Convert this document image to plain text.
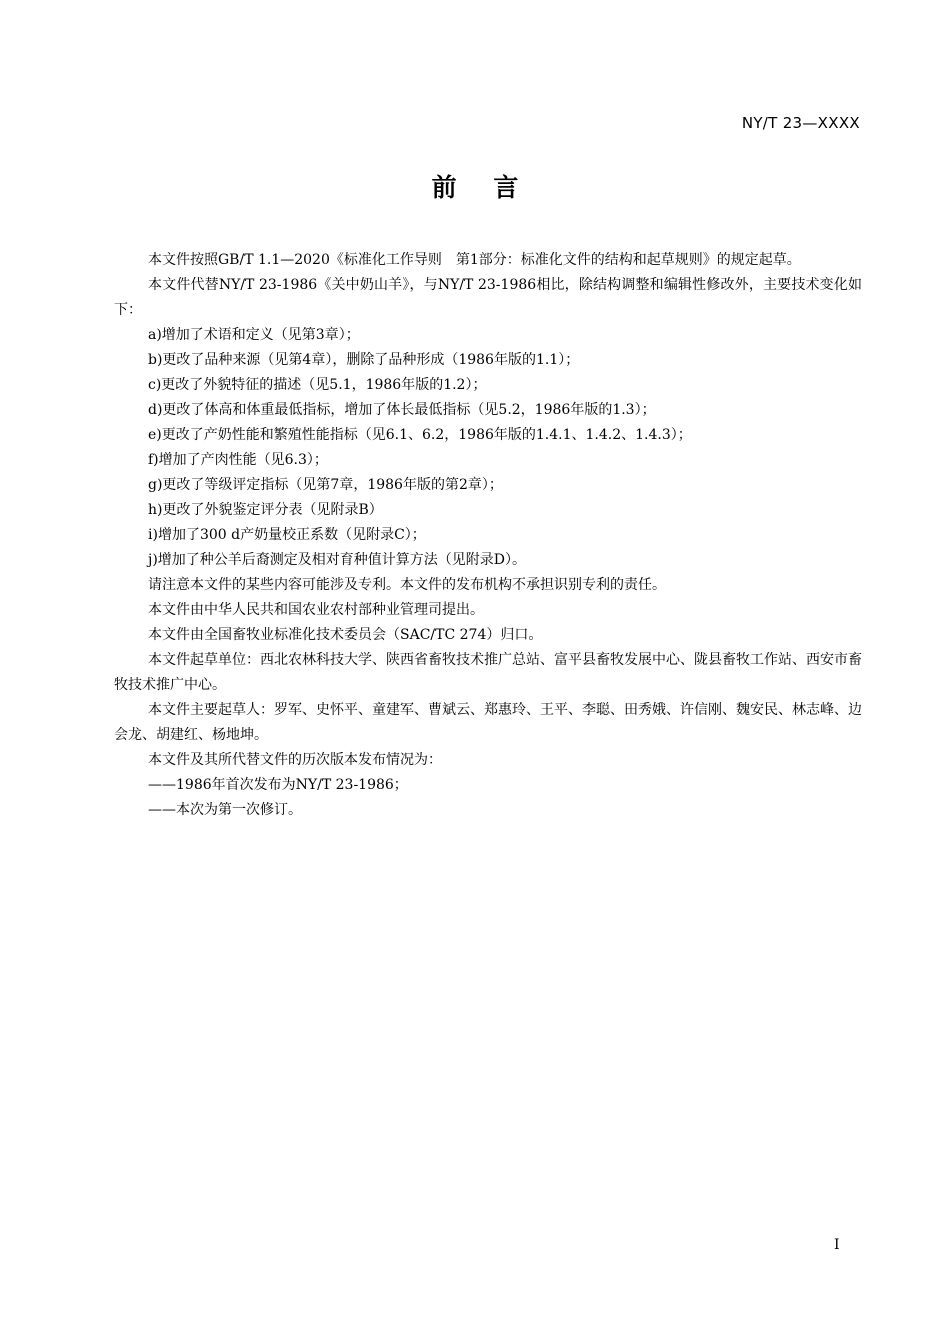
NY/T 23—XXXX
前 言

本文件按照GB/T 1.1—2020《标准化工作导则　第1部分：标准化文件的结构和起草规则》的规定起草。

本文件代替NY/T 23-1986《关中奶山羊》，与NY/T 23-1986相比，除结构调整和编辑性修改外，主要技术变化如下：

a)增加了术语和定义（见第3章）；

b)更改了品种来源（见第4章），删除了品种形成（1986年版的1.1）；

c)更改了外貌特征的描述（见5.1，1986年版的1.2）；

d)更改了体高和体重最低指标，增加了体长最低指标（见5.2，1986年版的1.3）；

e)更改了产奶性能和繁殖性能指标（见6.1、6.2，1986年版的1.4.1、1.4.2、1.4.3）；

f)增加了产肉性能（见6.3）；

g)更改了等级评定指标（见第7章，1986年版的第2章）；

h)更改了外貌鉴定评分表（见附录B）

i)增加了300 d产奶量校正系数（见附录C）；

j)增加了种公羊后裔测定及相对育种值计算方法（见附录D）。

请注意本文件的某些内容可能涉及专利。本文件的发布机构不承担识别专利的责任。

本文件由中华人民共和国农业农村部种业管理司提出。

本文件由全国畜牧业标准化技术委员会（SAC/TC 274）归口。

本文件起草单位：西北农林科技大学、陕西省畜牧技术推广总站、富平县畜牧发展中心、陇县畜牧工作站、西安市畜牧技术推广中心。

本文件主要起草人：罗军、史怀平、童建军、曹斌云、郑惠玲、王平、李聪、田秀娥、许信刚、魏安民、林志峰、边会龙、胡建红、杨地坤。

本文件及其所代替文件的历次版本发布情况为：

——1986年首次发布为NY/T 23-1986；

——本次为第一次修订。

I
